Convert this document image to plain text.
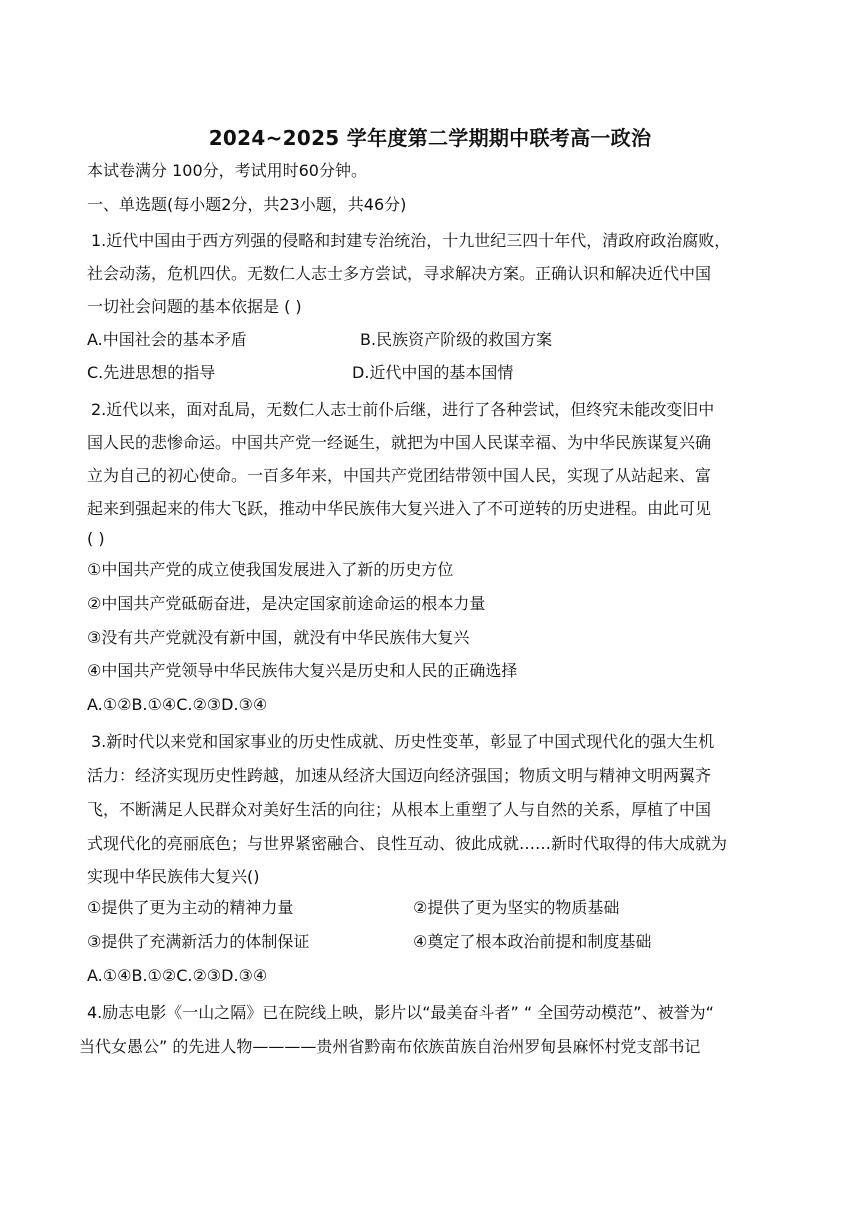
2024~2025 学年度第二学期期中联考高一政治
本试卷满分 100分，考试用时60分钟。
一、单选题(每小题2分，共23小题，共46分)
1.近代中国由于西方列强的侵略和封建专治统治，十九世纪三四十年代，清政府政治腐败，
社会动荡，危机四伏。无数仁人志士多方尝试，寻求解决方案。正确认识和解决近代中国
一切社会问题的基本依据是 ( )
A.中国社会的基本矛盾	B.民族资产阶级的救国方案
C.先进思想的指导	D.近代中国的基本国情
2.近代以来，面对乱局，无数仁人志士前仆后继，进行了各种尝试，但终究未能改变旧中
国人民的悲惨命运。中国共产党一经诞生，就把为中国人民谋幸福、为中华民族谋复兴确
立为自己的初心使命。一百多年来，中国共产党团结带领中国人民，实现了从站起来、富
起来到强起来的伟大飞跃，推动中华民族伟大复兴进入了不可逆转的历史进程。由此可见
( )
①中国共产党的成立使我国发展进入了新的历史方位
②中国共产党砥砺奋进，是决定国家前途命运的根本力量
③没有共产党就没有新中国，就没有中华民族伟大复兴
④中国共产党领导中华民族伟大复兴是历史和人民的正确选择
A.①②B.①④C.②③D.③④
3.新时代以来党和国家事业的历史性成就、历史性变革，彰显了中国式现代化的强大生机
活力：经济实现历史性跨越，加速从经济大国迈向经济强国；物质文明与精神文明两翼齐
飞，不断满足人民群众对美好生活的向往；从根本上重塑了人与自然的关系，厚植了中国
式现代化的亮丽底色；与世界紧密融合、良性互动、彼此成就……新时代取得的伟大成就为
实现中华民族伟大复兴()
①提供了更为主动的精神力量	②提供了更为坚实的物质基础
③提供了充满新活力的体制保证	④奠定了根本政治前提和制度基础
A.①④B.①②C.②③D.③④
4.励志电影《一山之隔》已在院线上映，影片以“最美奋斗者” “ 全国劳动模范”、被誉为“
当代女愚公” 的先进人物————贵州省黔南布依族苗族自治州罗甸县麻怀村党支部书记
